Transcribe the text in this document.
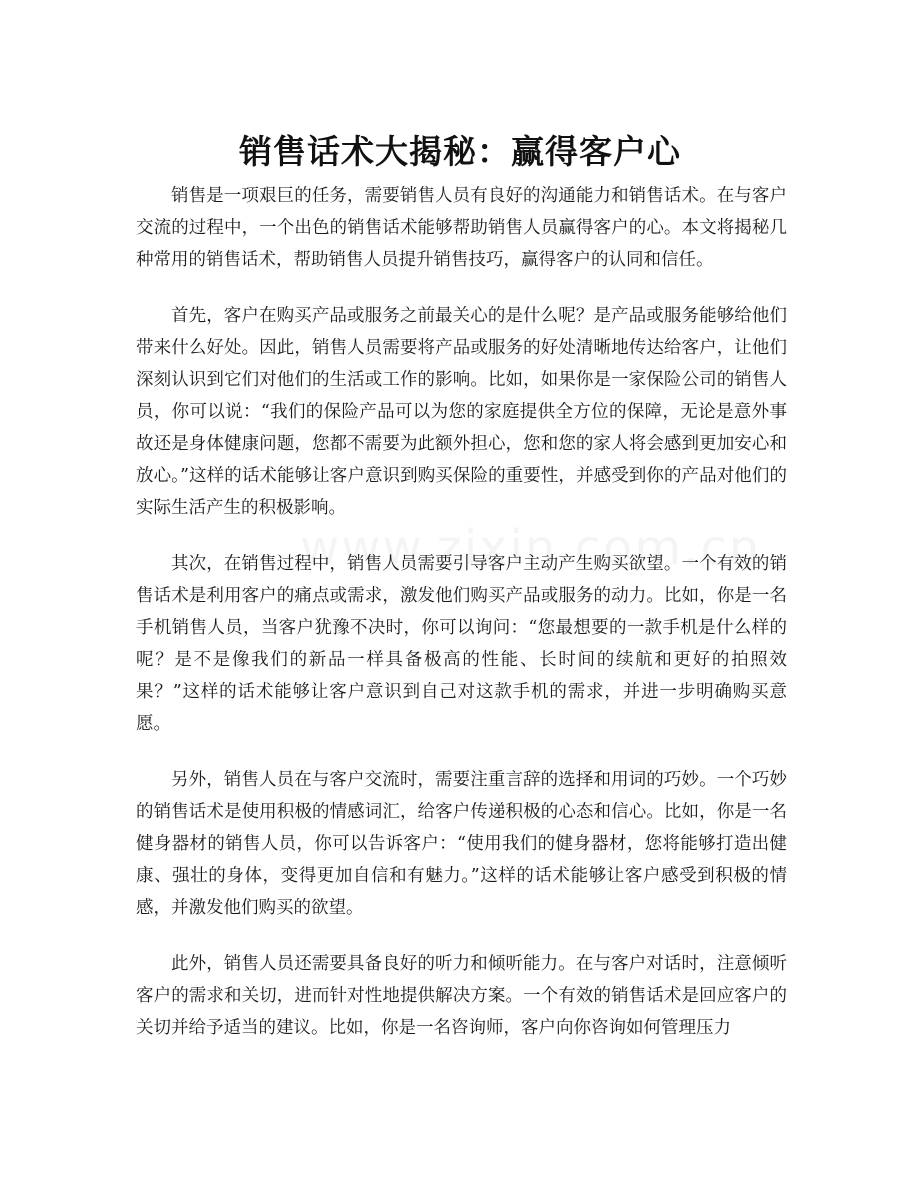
销售话术大揭秘：赢得客户心

销售是一项艰巨的任务，需要销售人员有良好的沟通能力和销售话术。在与客户交流的过程中，一个出色的销售话术能够帮助销售人员赢得客户的心。本文将揭秘几种常用的销售话术，帮助销售人员提升销售技巧，赢得客户的认同和信任。

首先，客户在购买产品或服务之前最关心的是什么呢？是产品或服务能够给他们带来什么好处。因此，销售人员需要将产品或服务的好处清晰地传达给客户，让他们深刻认识到它们对他们的生活或工作的影响。比如，如果你是一家保险公司的销售人员，你可以说：“我们的保险产品可以为您的家庭提供全方位的保障，无论是意外事故还是身体健康问题，您都不需要为此额外担心，您和您的家人将会感到更加安心和放心。”这样的话术能够让客户意识到购买保险的重要性，并感受到你的产品对他们的实际生活产生的积极影响。

其次，在销售过程中，销售人员需要引导客户主动产生购买欲望。一个有效的销售话术是利用客户的痛点或需求，激发他们购买产品或服务的动力。比如，你是一名手机销售人员，当客户犹豫不决时，你可以询问：“您最想要的一款手机是什么样的呢？是不是像我们的新品一样具备极高的性能、长时间的续航和更好的拍照效果？”这样的话术能够让客户意识到自己对这款手机的需求，并进一步明确购买意愿。

另外，销售人员在与客户交流时，需要注重言辞的选择和用词的巧妙。一个巧妙的销售话术是使用积极的情感词汇，给客户传递积极的心态和信心。比如，你是一名健身器材的销售人员，你可以告诉客户：“使用我们的健身器材，您将能够打造出健康、强壮的身体，变得更加自信和有魅力。”这样的话术能够让客户感受到积极的情感，并激发他们购买的欲望。

此外，销售人员还需要具备良好的听力和倾听能力。在与客户对话时，注意倾听客户的需求和关切，进而针对性地提供解决方案。一个有效的销售话术是回应客户的关切并给予适当的建议。比如，你是一名咨询师，客户向你咨询如何管理压力
